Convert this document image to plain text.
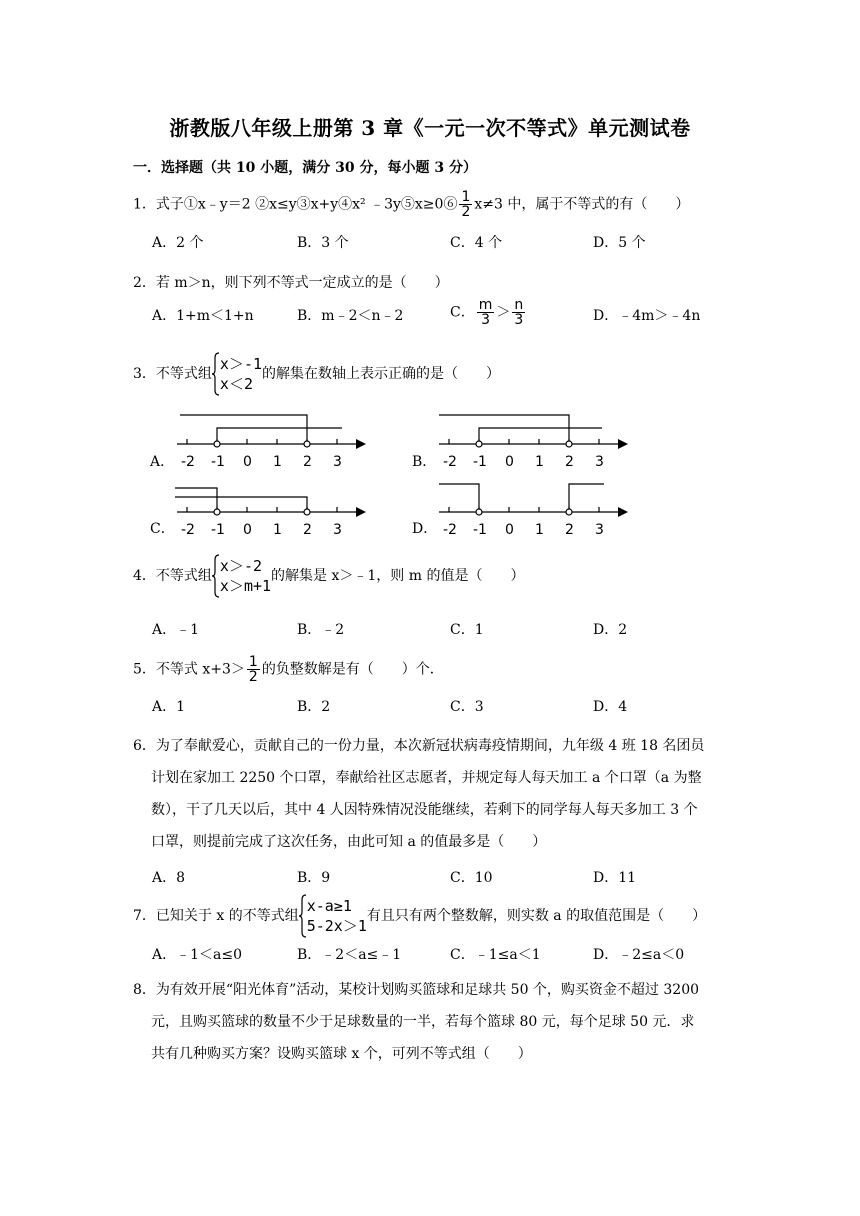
浙教版八年级上册第 3 章《一元一次不等式》单元测试卷
一．选择题（共 10 小题，满分 30 分，每小题 3 分）
1．式子①x﹣y＝2 ②x≤y③x+y④x² ﹣3y⑤x≥0⑥ $\frac{1}{2} x\ne 3$ 中，属于不等式的有（　　）
A．2 个	B．3 个	C．4 个	D．5 个
2．若 m＞n，则下列不等式一定成立的是（　　）
A．1+m＜1+n	B．m﹣2＜n﹣2	C． $\frac{m}{3} > \frac{n}{3}$	D．﹣4m＞﹣4n
3．不等式组
x＞-1
x＜2
的解集在数轴上表示正确的是（　　）
A． -2 -1 0 1 2 3	B． -2 -1 0 1 2 3
C． -2 -1 0 1 2 3	D． -2 -1 0 1 2 3
4．不等式组
x＞-2
x＞m+1
的解集是 x＞﹣1，则 m 的值是（　　）
A．﹣1	B．﹣2	C．1	D．2
5．不等式 $x+3> \frac{1}{2}$ 的负整数解是有（　　）个．
A．1	B．2	C．3	D．4

6．为了奉献爱心，贡献自己的一份力量，本次新冠状病毒疫情期间，九年级 4 班 18 名团员

计划在家加工 2250 个口罩，奉献给社区志愿者，并规定每人每天加工 a 个口罩（a 为整

数），干了几天以后，其中 4 人因特殊情况没能继续，若剩下的同学每人每天多加工 3 个

口罩，则提前完成了这次任务，由此可知 a 的值最多是（　　）

A．8	B．9	C．10	D．11
7．已知关于 x 的不等式组
x-a≥1
5-2x＞1
有且只有两个整数解，则实数 a 的取值范围是（　　）
A．﹣1＜a≤0	B．﹣2＜a≤﹣1	C．﹣1≤a＜1	D．﹣2≤a＜0

8．为有效开展“阳光体育”活动，某校计划购买篮球和足球共 50 个，购买资金不超过 3200

元，且购买篮球的数量不少于足球数量的一半，若每个篮球 80 元，每个足球 50 元．求

共有几种购买方案？设购买篮球 x 个，可列不等式组（　　）
